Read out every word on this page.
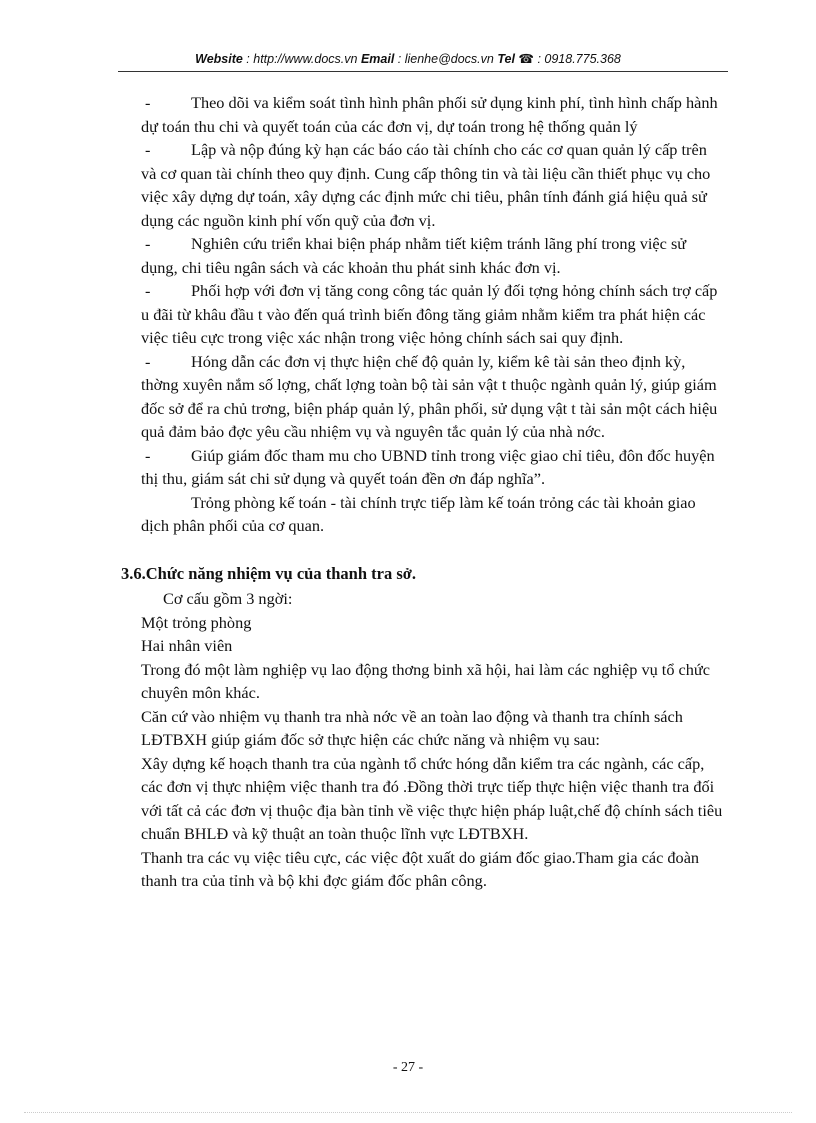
Website : http://www.docs.vn Email : lienhe@docs.vn Tel ☎ : 0918.775.368

- Theo dõi va kiểm soát tình hình phân phối sử dụng kinh phí, tình hình chấp hành dự toán thu chi và quyết toán của các đơn vị, dự toán trong hệ thống quản lý

- Lập và nộp đúng kỳ hạn các báo cáo tài chính cho các cơ quan quản lý cấp trên và cơ quan tài chính theo quy định. Cung cấp thông tin và tài liệu cần thiết phục vụ cho việc xây dựng dự toán, xây dựng các định mức chi tiêu, phân tính đánh giá hiệu quả sử dụng các nguồn kinh phí vốn quỹ của đơn vị.

- Nghiên cứu triển khai biện pháp nhằm tiết kiệm tránh lãng phí trong việc sử dụng, chi tiêu ngân sách và các khoản thu phát sinh khác đơn vị.

- Phối hợp với đơn vị tăng cong công tác quản lý đối tợng hỏng chính sách trợ cấp u đãi từ khâu đầu t vào đến quá trình biến đông tăng giảm nhằm kiểm tra phát hiện các việc tiêu cực trong việc xác nhận trong việc hỏng chính sách sai quy định.

- Hóng dẫn các đơn vị thực hiện chế độ quản ly, kiểm kê tài sản theo định kỳ, thờng xuyên nắm số lợng, chất lợng toàn bộ tài sản vật t thuộc ngành quản lý, giúp giám đốc sở để ra chủ trơng, biện pháp quản lý, phân phối, sử dụng vật t tài sản một cách hiệu quả đảm bảo đợc yêu cầu nhiệm vụ và nguyên tắc quản lý của nhà nớc.

- Giúp giám đốc tham mu cho UBND tỉnh trong việc giao chỉ tiêu, đôn đốc huyện thị thu, giám sát chi sử dụng và quyết toán đền ơn đáp nghĩa”.

Trỏng phòng kế toán - tài chính trực tiếp làm kế toán trỏng các tài khoản giao dịch phân phối của cơ quan.

3.6.Chức năng nhiệm vụ của thanh tra sở.

Cơ cấu gồm 3 ngời:

Một trỏng phòng

Hai nhân viên

Trong đó một làm nghiệp vụ lao động thơng binh xã hội, hai làm các nghiệp vụ tổ chức chuyên môn khác.

Căn cứ vào nhiệm vụ thanh tra nhà nớc về an toàn lao động và thanh tra chính sách LĐTBXH giúp giám đốc sở thực hiện các chức năng và nhiệm vụ sau:

Xây dựng kế hoạch thanh tra của ngành tổ chức hóng dẫn kiểm tra các ngành, các cấp, các đơn vị thực nhiệm việc thanh tra đó .Đồng thời trực tiếp thực hiện việc thanh tra đối với tất cả các đơn vị thuộc địa bàn tỉnh về việc thực hiện pháp luật,chế độ chính sách tiêu chuẩn BHLĐ và kỹ thuật an toàn thuộc lĩnh vực LĐTBXH.

Thanh tra các vụ việc tiêu cực, các việc đột xuất do giám đốc giao.Tham gia các đoàn thanh tra của tỉnh và bộ khi đợc giám đốc phân công.

- 27 -
